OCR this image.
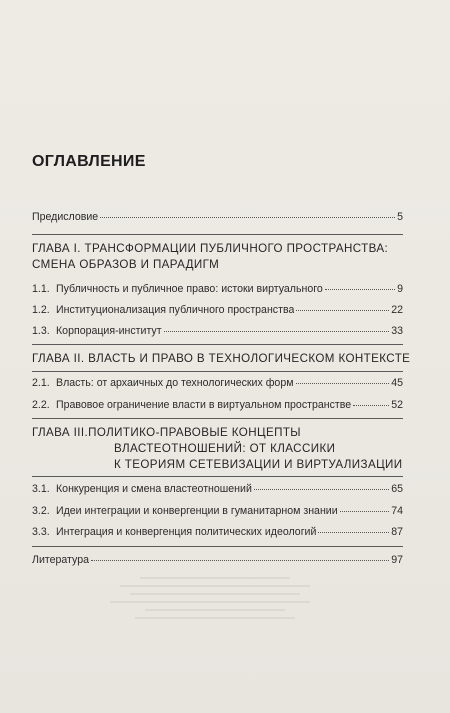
ОГЛАВЛЕНИЕ
Предисловие	5
ГЛАВА I. ТРАНСФОРМАЦИИ ПУБЛИЧНОГО ПРОСТРАНСТВА:
СМЕНА ОБРАЗОВ И ПАРАДИГМ
1.1. Публичность и публичное право: истоки виртуального	9
1.2. Институционализация публичного пространства	22
1.3. Корпорация-институт	33
ГЛАВА II. ВЛАСТЬ И ПРАВО В ТЕХНОЛОГИЧЕСКОМ КОНТЕКСТЕ
2.1. Власть: от архаичных до технологических форм	45
2.2. Правовое ограничение власти в виртуальном пространстве	52
ГЛАВА III.ПОЛИТИКО-ПРАВОВЫЕ КОНЦЕПТЫ
ВЛАСТЕОТНОШЕНИЙ: ОТ КЛАССИКИ
К ТЕОРИЯМ СЕТЕВИЗАЦИИ И ВИРТУАЛИЗАЦИИ
3.1. Конкуренция и смена властеотношений	65
3.2. Идеи интеграции и конвергенции в гуманитарном знании	74
3.3. Интеграция и конвергенция политических идеологий	87
Литература	97
